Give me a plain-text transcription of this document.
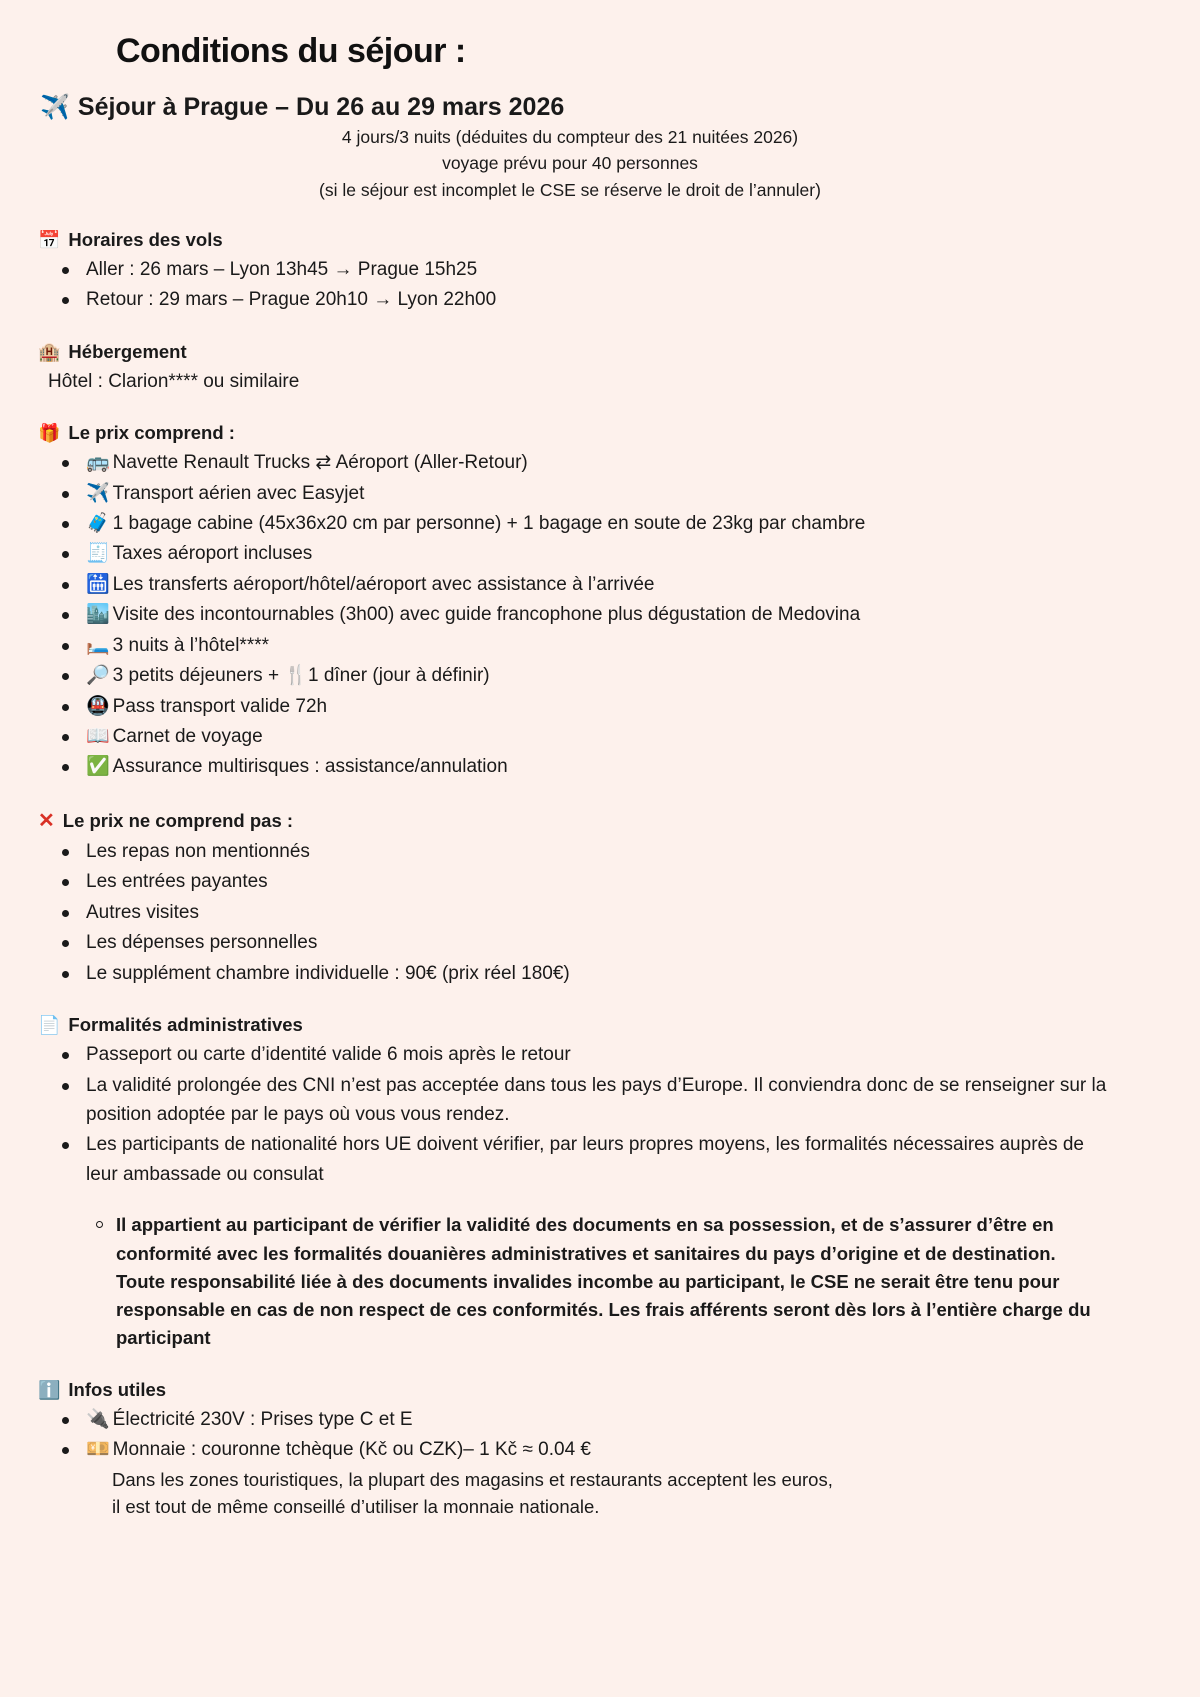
Conditions du séjour :
✈️ Séjour à Prague – Du 26 au 29 mars 2026
4 jours/3 nuits (déduites du compteur des 21 nuitées 2026)
voyage prévu pour 40 personnes
(si le séjour est incomplet le CSE se réserve le droit de l’annuler)
📅 Horaires des vols
Aller : 26 mars – Lyon 13h45 → Prague 15h25
Retour : 29 mars – Prague 20h10 → Lyon 22h00
🏨 Hébergement
Hôtel : Clarion**** ou similaire
🎁 Le prix comprend :
🚌 Navette Renault Trucks ⇄ Aéroport (Aller-Retour)
✈️ Transport aérien avec Easyjet
🧳 1 bagage cabine (45x36x20 cm par personne) + 1 bagage en soute de 23kg par chambre
🧾 Taxes aéroport incluses
🛗 Les transferts aéroport/hôtel/aéroport avec assistance à l’arrivée
🏙️ Visite des incontournables (3h00) avec guide francophone plus dégustation de Medovina
🛏️ 3 nuits à l’hôtel****
🔎 3 petits déjeuners + 🍴1 dîner (jour à définir)
🚇 Pass transport valide 72h
📖 Carnet de voyage
✅ Assurance multirisques : assistance/annulation
✕ Le prix ne comprend pas :
Les repas non mentionnés
Les entrées payantes
Autres visites
Les dépenses personnelles
Le supplément chambre individuelle : 90€ (prix réel 180€)
📄 Formalités administratives
Passeport ou carte d’identité valide 6 mois après le retour
La validité prolongée des CNI n’est pas acceptée dans tous les pays d’Europe. Il conviendra donc de se renseigner sur la position adoptée par le pays où vous vous rendez.
Les participants de nationalité hors UE doivent vérifier, par leurs propres moyens, les formalités nécessaires auprès de leur ambassade ou consulat
Il appartient au participant de vérifier la validité des documents en sa possession, et de s’assurer d’être en conformité avec les formalités douanières administratives et sanitaires du pays d’origine et de destination. Toute responsabilité liée à des documents invalides incombe au participant, le CSE ne serait être tenu pour responsable en cas de non respect de ces conformités. Les frais afférents seront dès lors à l’entière charge du participant
ℹ️ Infos utiles
🔌 Électricité 230V : Prises type C et E
💴 Monnaie : couronne tchèque (Kč ou CZK)– 1 Kč ≈ 0.04 €
Dans les zones touristiques, la plupart des magasins et restaurants acceptent les euros,
il est tout de même conseillé d’utiliser la monnaie nationale.
